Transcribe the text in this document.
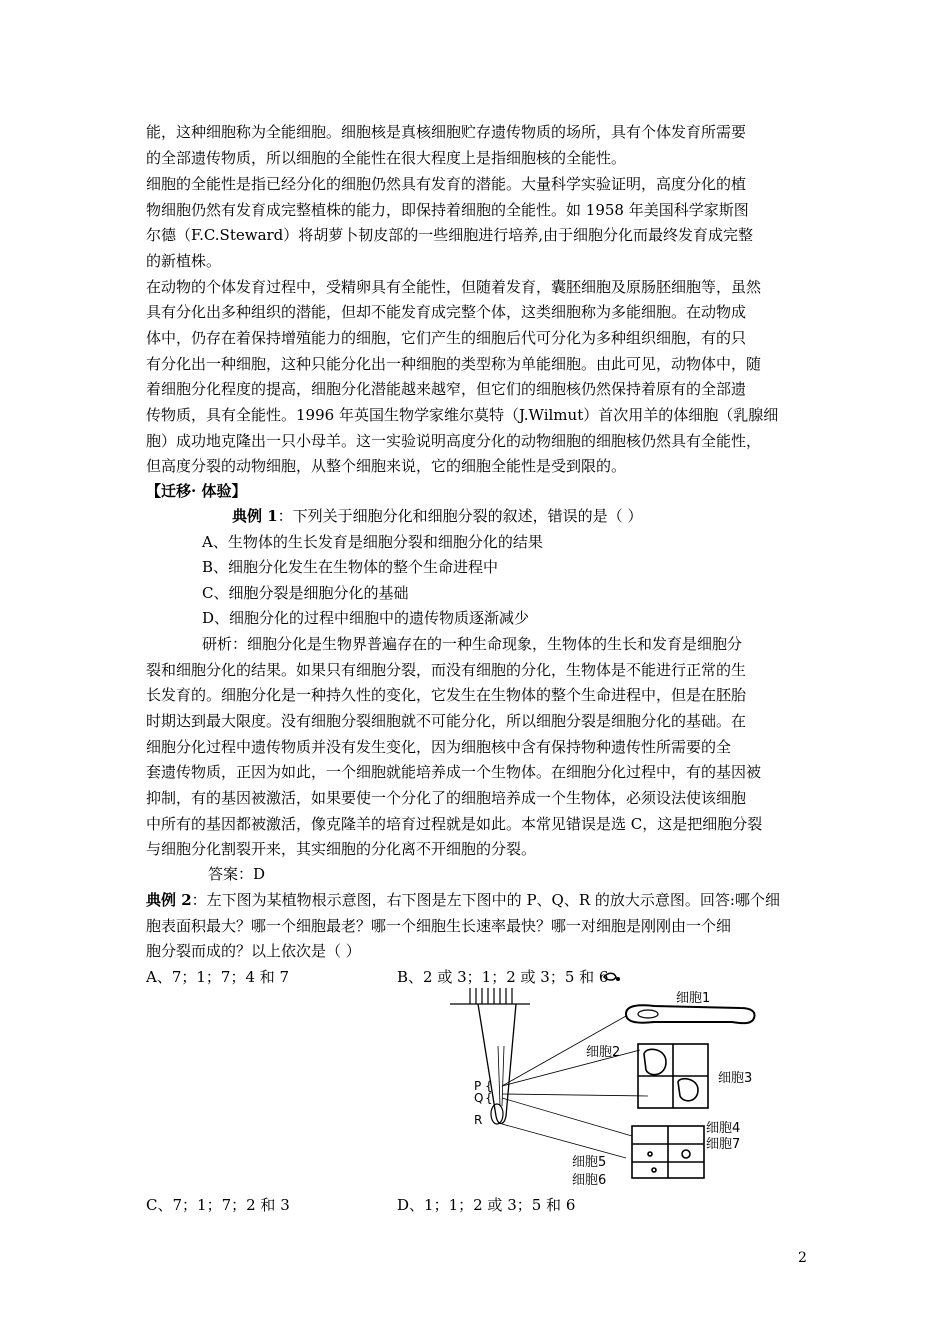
能，这种细胞称为全能细胞。细胞核是真核细胞贮存遗传物质的场所，具有个体发育所需要
的全部遗传物质，所以细胞的全能性在很大程度上是指细胞核的全能性。
细胞的全能性是指已经分化的细胞仍然具有发育的潜能。大量科学实验证明，高度分化的植
物细胞仍然有发育成完整植株的能力，即保持着细胞的全能性。如 1958 年美国科学家斯图
尔德（F.C.Steward）将胡萝卜韧皮部的一些细胞进行培养,由于细胞分化而最终发育成完整
的新植株。
在动物的个体发育过程中，受精卵具有全能性，但随着发育，囊胚细胞及原肠胚细胞等，虽然
具有分化出多种组织的潜能，但却不能发育成完整个体，这类细胞称为多能细胞。在动物成
体中，仍存在着保持增殖能力的细胞，它们产生的细胞后代可分化为多种组织细胞，有的只
有分化出一种细胞，这种只能分化出一种细胞的类型称为单能细胞。由此可见，动物体中，随
着细胞分化程度的提高，细胞分化潜能越来越窄，但它们的细胞核仍然保持着原有的全部遗
传物质，具有全能性。1996 年英国生物学家维尔莫特（J.Wilmut）首次用羊的体细胞（乳腺细
胞）成功地克隆出一只小母羊。这一实验说明高度分化的动物细胞的细胞核仍然具有全能性，
但高度分裂的动物细胞，从整个细胞来说，它的细胞全能性是受到限的。
【迁移· 体验】
典例 1：下列关于细胞分化和细胞分裂的叙述，错误的是（ ）
A、生物体的生长发育是细胞分裂和细胞分化的结果
B、细胞分化发生在生物体的整个生命进程中
C、细胞分裂是细胞分化的基础
D、细胞分化的过程中细胞中的遗传物质逐渐减少
研析：细胞分化是生物界普遍存在的一种生命现象，生物体的生长和发育是细胞分
裂和细胞分化的结果。如果只有细胞分裂，而没有细胞的分化，生物体是不能进行正常的生
长发育的。细胞分化是一种持久性的变化，它发生在生物体的整个生命进程中，但是在胚胎
时期达到最大限度。没有细胞分裂细胞就不可能分化，所以细胞分裂是细胞分化的基础。在
细胞分化过程中遗传物质并没有发生变化，因为细胞核中含有保持物种遗传性所需要的全
套遗传物质，正因为如此，一个细胞就能培养成一个生物体。在细胞分化过程中，有的基因被
抑制，有的基因被激活，如果要使一个分化了的细胞培养成一个生物体，必须设法使该细胞
中所有的基因都被激活，像克隆羊的培育过程就是如此。本常见错误是选 C，这是把细胞分裂
与细胞分化割裂开来，其实细胞的分化离不开细胞的分裂。
答案：D
典例 2：左下图为某植物根示意图，右下图是左下图中的 P、Q、R 的放大示意图。回答:哪个细
胞表面积最大？哪一个细胞最老？哪一个细胞生长速率最快？哪一对细胞是刚刚由一个细
胞分裂而成的？以上依次是（ ）
A、7；1；7；4 和 7	B、2 或 3；1；2 或 3；5 和 6
P {
Q {
R
细胞1
细胞2
细胞3
细胞4
细胞7
细胞5
细胞6
C、7；1；7；2 和 3	D、1；1；2 或 3；5 和 6
2
